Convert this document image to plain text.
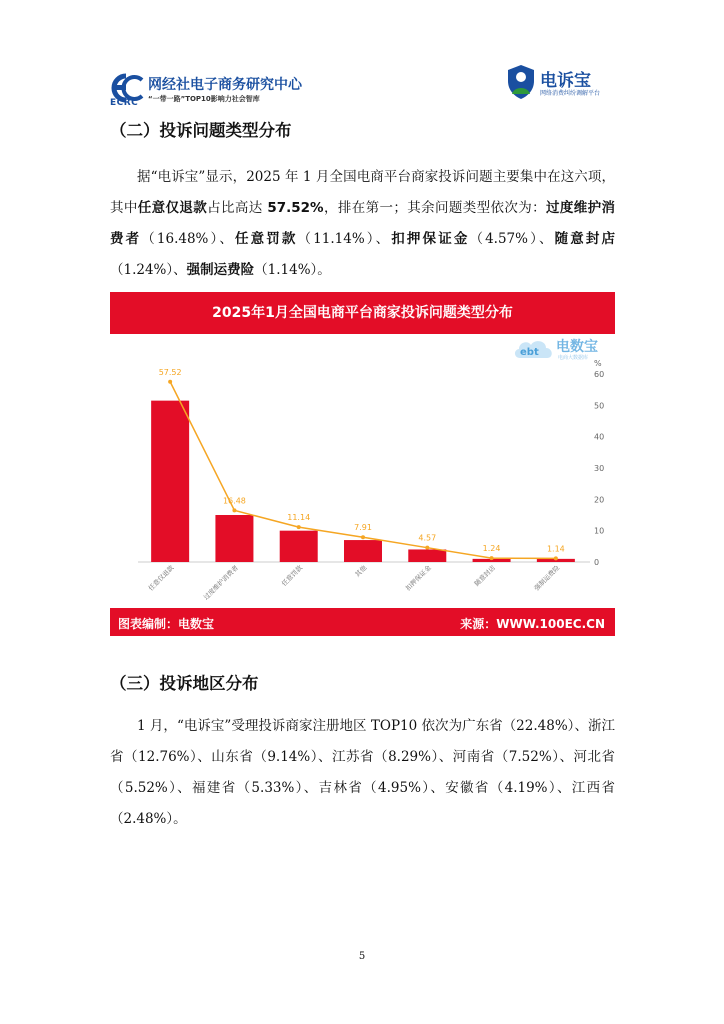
ECRC
网经社电子商务研究中心
“一带一路”TOP10影响力社会智库
电诉宝
网络消费纠纷调解平台
（二）投诉问题类型分布
据“电诉宝”显示，2025 年 1 月全国电商平台商家投诉问题主要集中在这六项，其中任意仅退款占比高达 57.52%，排在第一；其余问题类型依次为：过度维护消费者（16.48%）、任意罚款（11.14%）、扣押保证金（4.57%）、随意封店（1.24%）、强制运费险（1.14%）。
2025年1月全国电商平台商家投诉问题类型分布
ebt 电数宝
电商大数据库
0
10
20
30
40
50
60
%
任意仅退款	过度维护消费者	任意罚款	其他	扣押保证金	随意封店	强制运费险
57.52
16.48
11.14
7.91
4.57
1.24	1.14
图表编制：电数宝	来源：WWW.100EC.CN
（三）投诉地区分布
1 月，“电诉宝”受理投诉商家注册地区 TOP10 依次为广东省（22.48%）、浙江省（12.76%）、山东省（9.14%）、江苏省（8.29%）、河南省（7.52%）、河北省（5.52%）、福建省（5.33%）、吉林省（4.95%）、安徽省（4.19%）、江西省（2.48%）。
5
